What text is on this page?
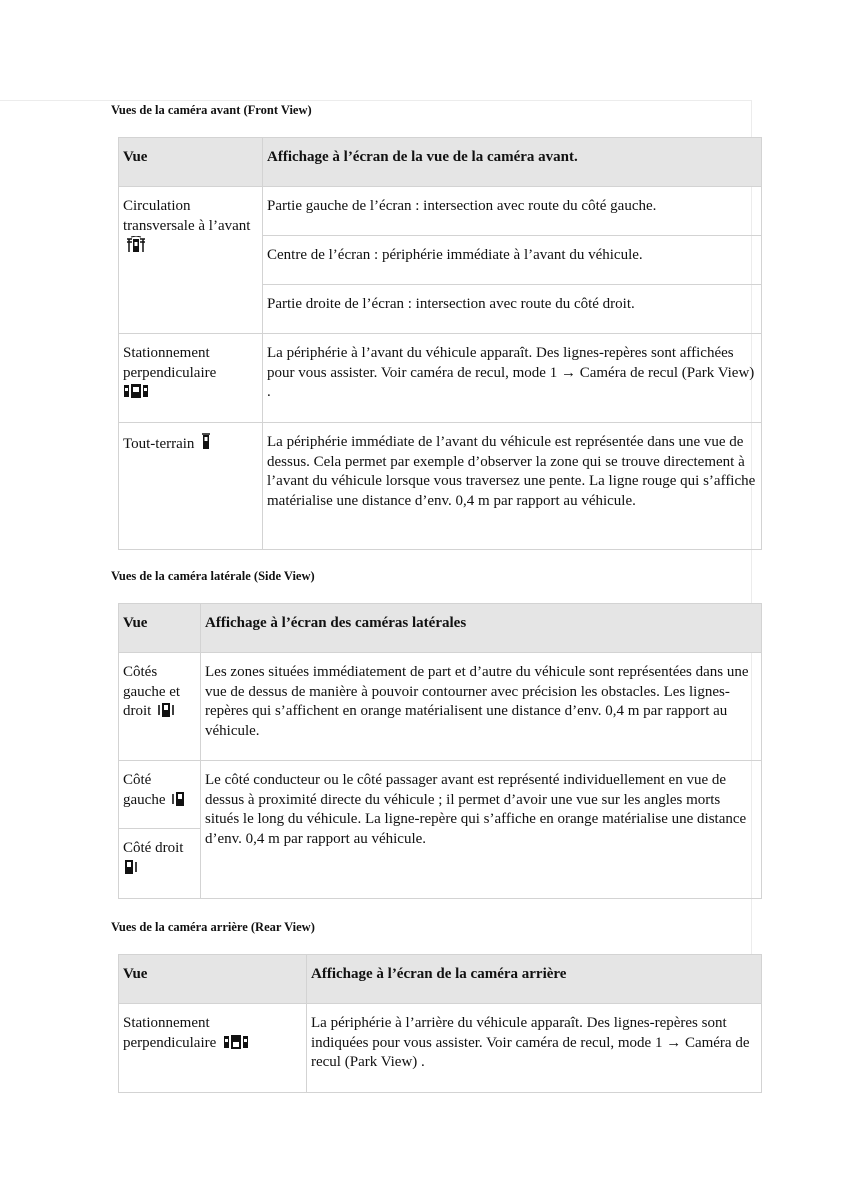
Vues de la caméra avant (Front View)

Vue	Affichage à l’écran de la vue de la caméra avant.
Circulation transversale à l’avant	Partie gauche de l’écran : intersection avec route du côté gauche.
	Centre de l’écran : périphérie immédiate à l’avant du véhicule.
	Partie droite de l’écran : intersection avec route du côté droit.
Stationnement perpendiculaire	La périphérie à l’avant du véhicule apparaît. Des lignes-repères sont affichées pour vous assister. Voir caméra de recul, mode 1 → Caméra de recul (Park View) .
Tout-terrain	La périphérie immédiate de l’avant du véhicule est représentée dans une vue de dessus. Cela permet par exemple d’observer la zone qui se trouve directement à l’avant du véhicule lorsque vous traversez une pente. La ligne rouge qui s’affiche matérialise une distance d’env. 0,4 m par rapport au véhicule.

Vues de la caméra latérale (Side View)

Vue	Affichage à l’écran des caméras latérales
Côtés gauche et droit	Les zones situées immédiatement de part et d’autre du véhicule sont représentées dans une vue de dessus de manière à pouvoir contourner avec précision les obstacles. Les lignes-repères qui s’affichent en orange matérialisent une distance d’env. 0,4 m par rapport au véhicule.
Côté gauche	Le côté conducteur ou le côté passager avant est représenté individuellement en vue de dessus à proximité directe du véhicule ; il permet d’avoir une vue sur les angles morts situés le long du véhicule. La ligne-repère qui s’affiche en orange matérialise une distance d’env. 0,4 m par rapport au véhicule.
Côté droit	

Vues de la caméra arrière (Rear View)

Vue	Affichage à l’écran de la caméra arrière
Stationnement perpendiculaire	La périphérie à l’arrière du véhicule apparaît. Des lignes-repères sont indiquées pour vous assister. Voir caméra de recul, mode 1 → Caméra de recul (Park View) .
